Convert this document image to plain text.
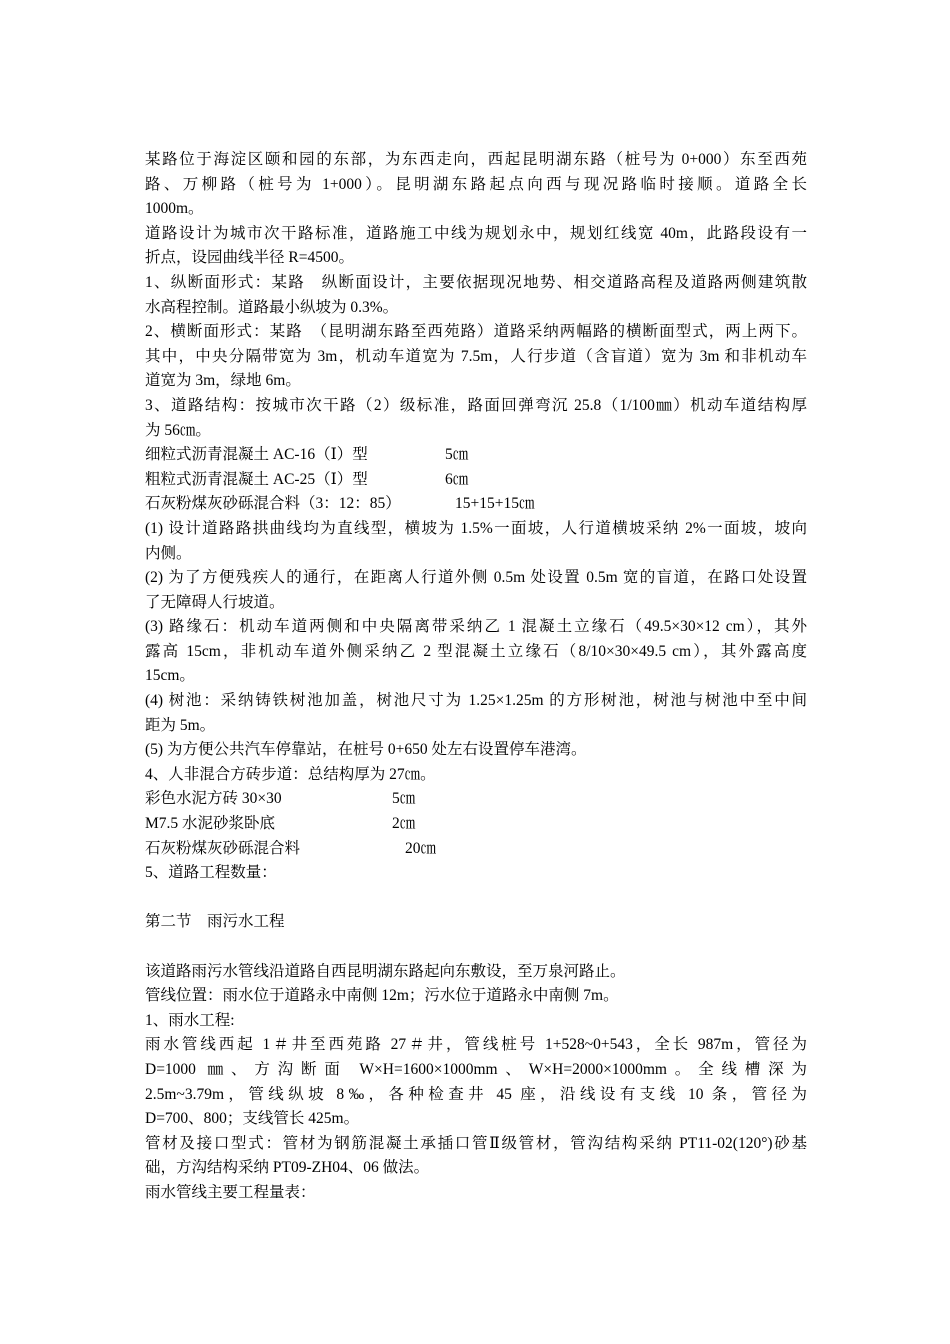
某路位于海淀区颐和园的东部，为东西走向，西起昆明湖东路（桩号为 0+000）东至西苑

路、万柳路（桩号为 1+000）。昆明湖东路起点向西与现况路临时接顺。道路全长

1000m。

道路设计为城市次干路标准，道路施工中线为规划永中，规划红线宽 40m，此路段设有一

折点，设园曲线半径 R=4500。

1、纵断面形式：某路　纵断面设计，主要依据现况地势、相交道路高程及道路两侧建筑散

水高程控制。道路最小纵坡为 0.3%。

2、横断面形式：某路　（昆明湖东路至西苑路）道路采纳两幅路的横断面型式，两上两下。

其中，中央分隔带宽为 3m，机动车道宽为 7.5m，人行步道（含盲道）宽为 3m 和非机动车

道宽为 3m，绿地 6m。

3、道路结构：按城市次干路（2）级标准，路面回弹弯沉 25.8（1/100㎜）机动车道结构厚

为 56㎝。

细粒式沥青混凝土 AC-16（Ⅰ）型	5㎝
粗粒式沥青混凝土 AC-25（Ⅰ）型	6㎝
石灰粉煤灰砂砾混合料（3：12：85）	15+15+15㎝

(1) 设计道路路拱曲线均为直线型，横坡为 1.5%一面坡，人行道横坡采纳 2%一面坡，坡向

内侧。

(2) 为了方便残疾人的通行，在距离人行道外侧 0.5m 处设置 0.5m 宽的盲道，在路口处设置

了无障碍人行坡道。

(3) 路缘石：机动车道两侧和中央隔离带采纳乙 1 混凝土立缘石（49.5×30×12 cm），其外

露高 15cm，非机动车道外侧采纳乙 2 型混凝土立缘石（8/10×30×49.5 cm），其外露高度

15cm。

(4) 树池：采纳铸铁树池加盖，树池尺寸为 1.25×1.25m 的方形树池，树池与树池中至中间

距为 5m。

(5) 为方便公共汽车停靠站，在桩号 0+650 处左右设置停车港湾。

4、人非混合方砖步道：总结构厚为 27㎝。

彩色水泥方砖 30×30	5㎝
M7.5 水泥砂浆卧底	2㎝
石灰粉煤灰砂砾混合料	20㎝

5、道路工程数量：

第二节　雨污水工程

该道路雨污水管线沿道路自西昆明湖东路起向东敷设，至万泉河路止。

管线位置：雨水位于道路永中南侧 12m；污水位于道路永中南侧 7m。

1、雨水工程:

雨水管线西起 1＃井至西苑路 27＃井，管线桩号 1+528~0+543，全长 987m，管径为

D=1000 ㎜、方沟断面 W×H=1600×1000mm、W×H=2000×1000mm。全线槽深为

2.5m~3.79m，管线纵坡 8‰，各种检查井 45 座，沿线设有支线 10 条，管径为

D=700、800；支线管长 425m。

管材及接口型式：管材为钢筋混凝土承插口管Ⅱ级管材，管沟结构采纳 PT11-02(120°)砂基

础，方沟结构采纳 PT09-ZH04、06 做法。

雨水管线主要工程量表：
